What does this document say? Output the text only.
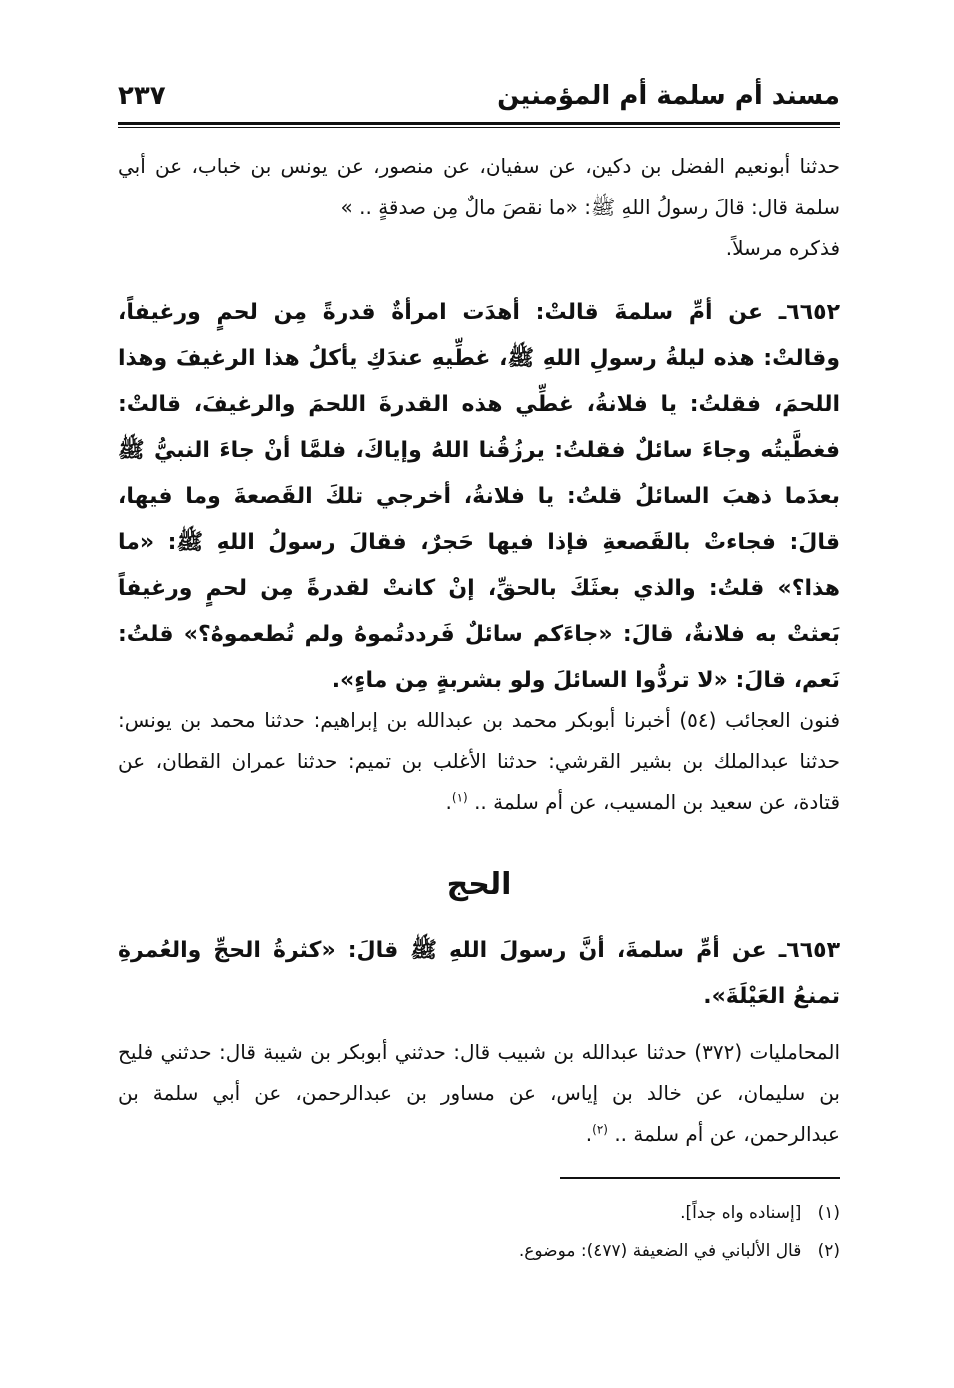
مسند أم سلمة أم المؤمنين
٢٣٧
حدثنا أبونعيم الفضل بن دكين، عن سفيان، عن منصور، عن يونس بن خباب، عن أبي سلمة قال: قالَ رسولُ اللهِ ﷺ: «ما نقصَ مالٌ مِن صدقةٍ .. »
فذكره مرسلاً.
٦٦٥٢ـ عن أمِّ سلمةَ قالتْ: أهدَت امرأةٌ قدرةً مِن لحمٍ ورغيفاً، وقالتْ: هذه ليلةُ رسولِ اللهِ ﷺ، غطِّيهِ عندَكِ يأكلُ هذا الرغيفَ وهذا اللحمَ، فقلتُ: يا فلانةُ، غطِّي هذه القدرةَ اللحمَ والرغيفَ، قالتْ: فغطَّيتُه وجاءَ سائلٌ فقلتُ: يرزُقُنا اللهُ وإياكَ، فلمَّا أنْ جاءَ النبيُّ ﷺ بعدَما ذهبَ السائلُ قلتُ: يا فلانةُ، أخرجي تلكَ القَصعةَ وما فيها، قالَ: فجاءتْ بالقَصعةِ فإذا فيها حَجرٌ، فقالَ رسولُ اللهِ ﷺ: «ما هذا؟» قلتُ: والذي بعثَكَ بالحقِّ، إنْ كانتْ لقدرةً مِن لحمٍ ورغيفاً بَعثتْ به فلانةٌ، قالَ: «جاءَكم سائلٌ فَرددتُموهُ ولم تُطعموهُ؟» قلتُ: نَعم، قالَ: «لا تردُّوا السائلَ ولو بشربةٍ مِن ماءٍ».
فنون العجائب (٥٤) أخبرنا أبوبكر محمد بن عبدالله بن إبراهيم: حدثنا محمد بن يونس: حدثنا عبدالملك بن بشير القرشي: حدثنا الأغلب بن تميم: حدثنا عمران القطان، عن قتادة، عن سعيد بن المسيب، عن أم سلمة .. $^{(١)}$.
الحج
٦٦٥٣ـ عن أمِّ سلمةَ، أنَّ رسولَ اللهِ ﷺ قالَ: «كثرةُ الحجِّ والعُمرةِ تمنعُ العَيْلَةَ».
المحامليات (٣٧٢) حدثنا عبدالله بن شبيب قال: حدثني أبوبكر بن شيبة قال: حدثني فليح بن سليمان، عن خالد بن إياس، عن مساور بن عبدالرحمن، عن أبي سلمة بن عبدالرحمن، عن أم سلمة .. $^{(٢)}$.
(١)   [إسناده واه جداً].
(٢)   قال الألباني في الضعيفة (٤٧٧): موضوع.
